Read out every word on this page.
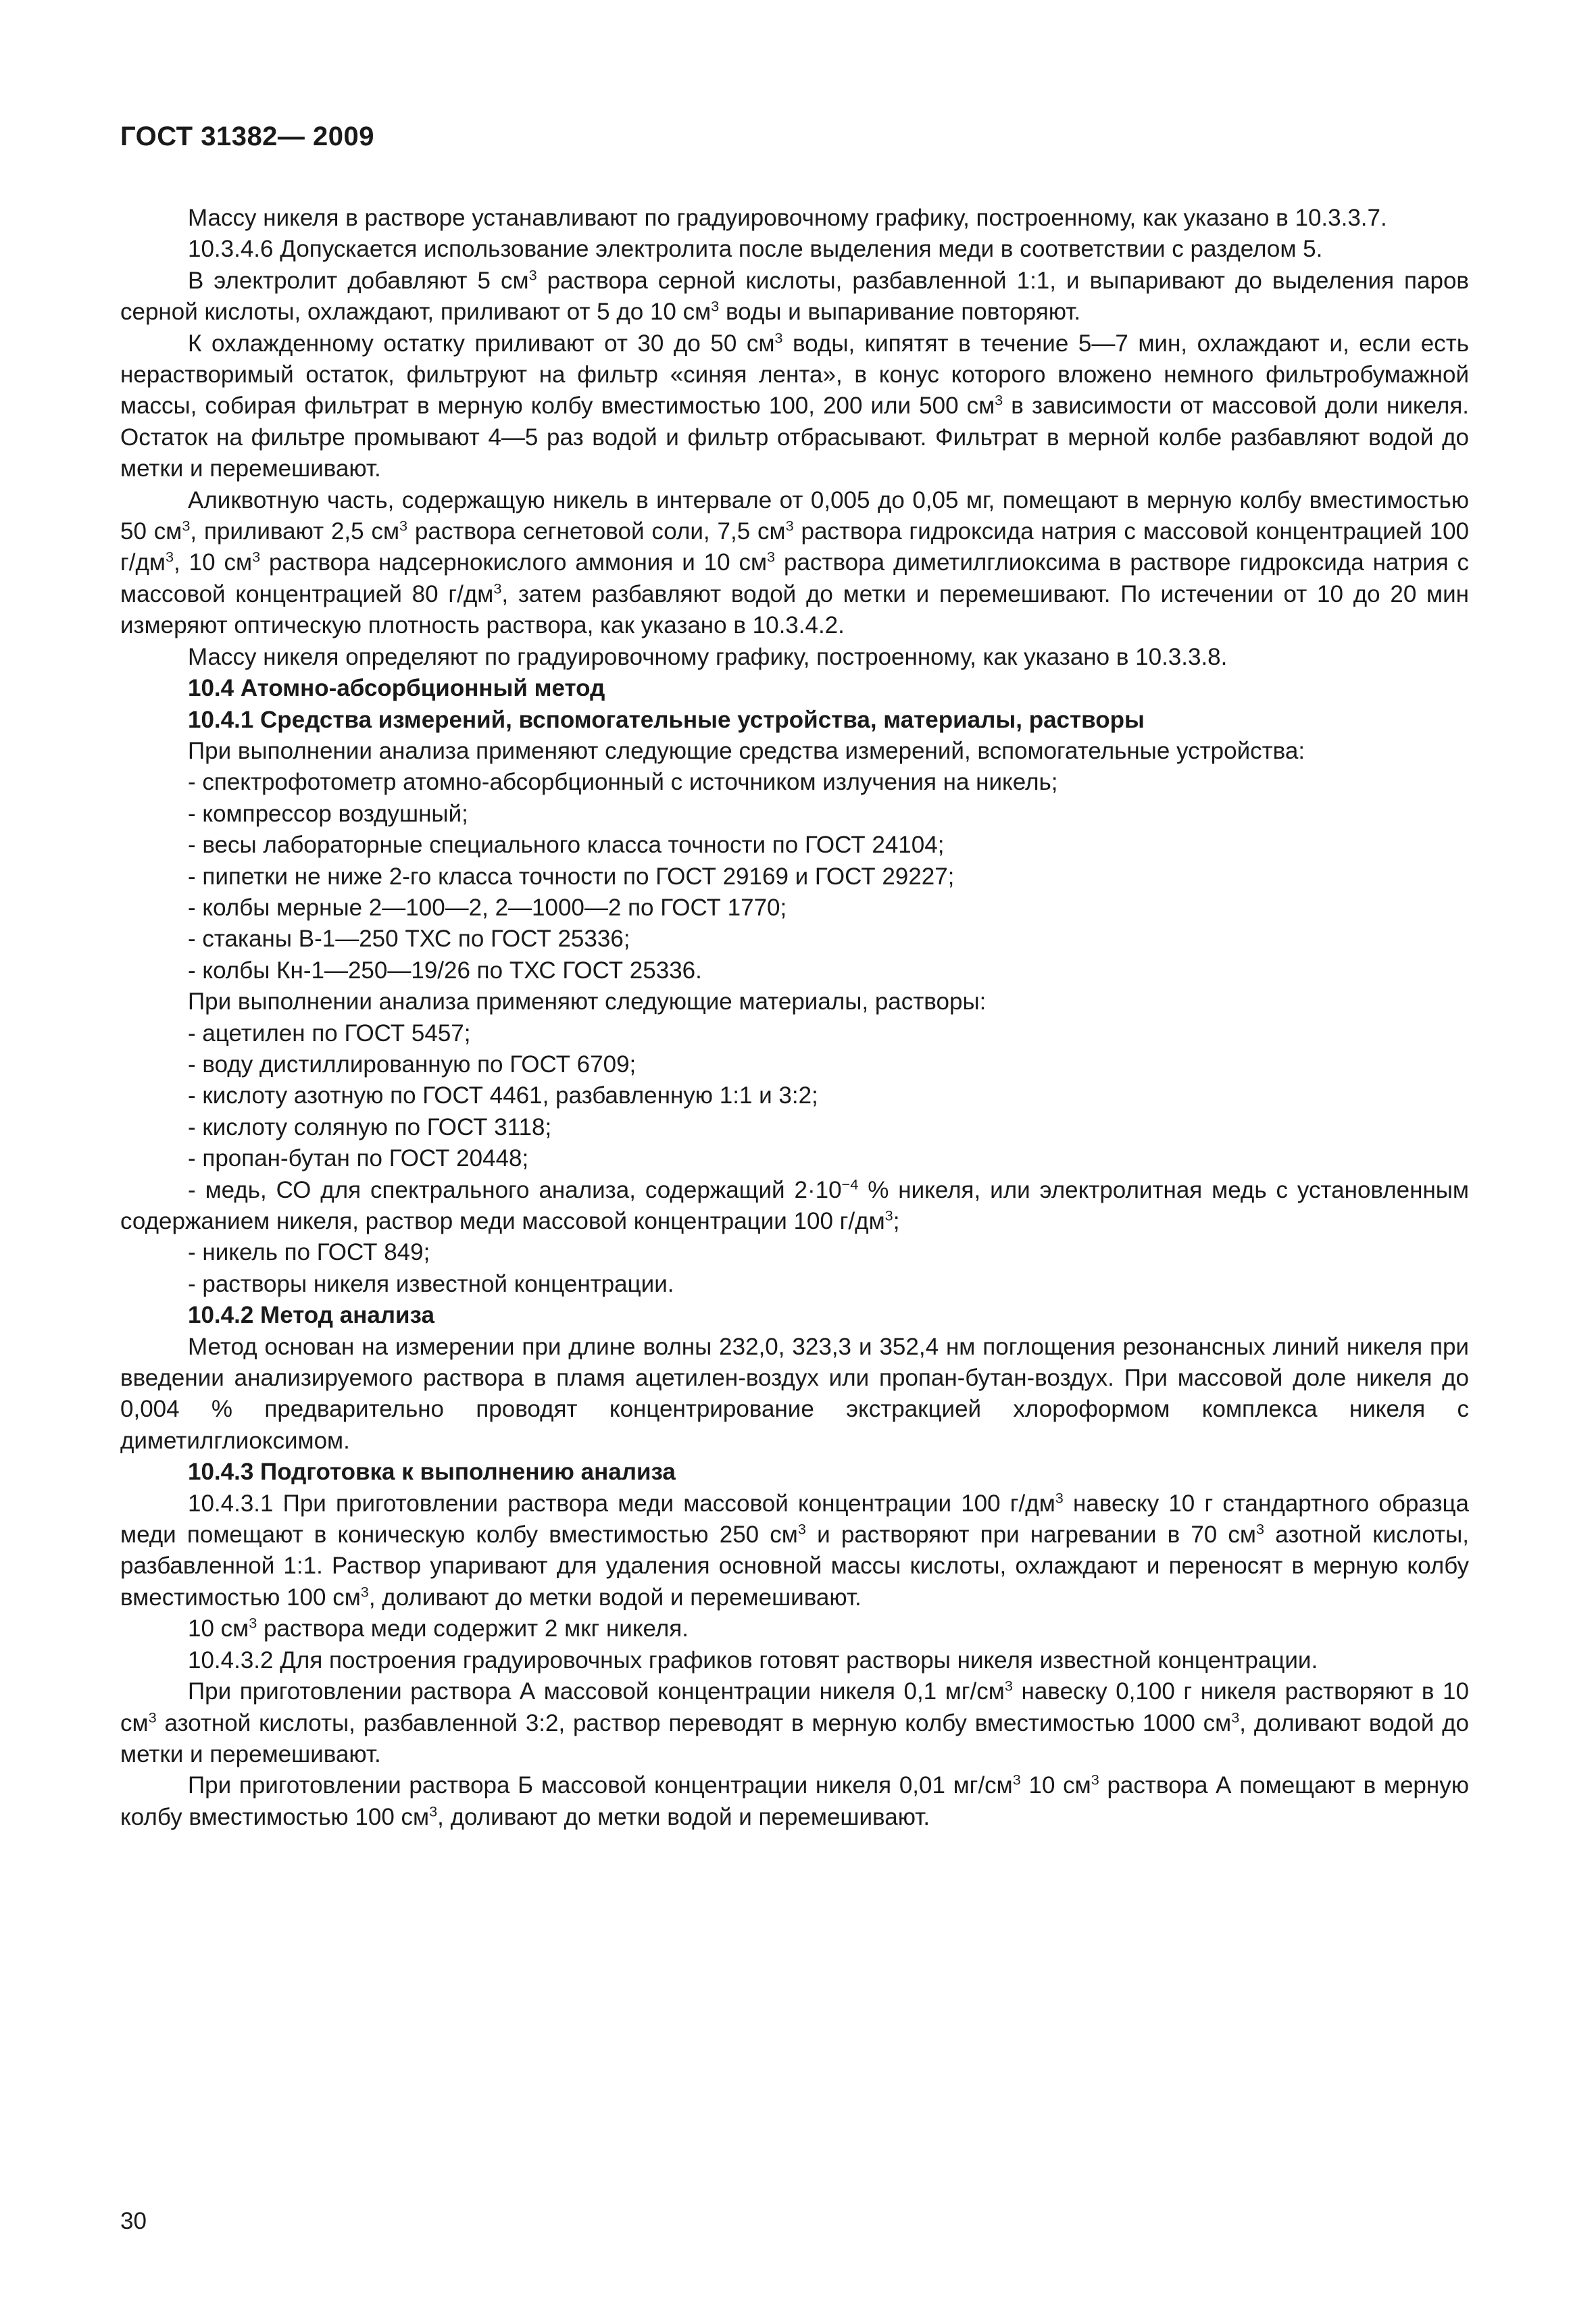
ГОСТ 31382— 2009

Массу никеля в растворе устанавливают по градуировочному графику, построенному, как указано в 10.3.3.7.

10.3.4.6 Допускается использование электролита после выделения меди в соответствии с разделом 5.

В электролит добавляют 5 $см^3$ раствора серной кислоты, разбавленной 1:1, и выпаривают до выделения паров серной кислоты, охлаждают, приливают от 5 до 10 $см^3$ воды и выпаривание повторяют.

К охлажденному остатку приливают от 30 до 50 $см^3$ воды, кипятят в течение 5—7 мин, охлаждают и, если есть нерастворимый остаток, фильтруют на фильтр «синяя лента», в конус которого вложено немного фильтробумажной массы, собирая фильтрат в мерную колбу вместимостью 100, 200 или 500 $см^3$ в зависимости от массовой доли никеля. Остаток на фильтре промывают 4—5 раз водой и фильтр отбрасывают. Фильтрат в мерной колбе разбавляют водой до метки и перемешивают.

Аликвотную часть, содержащую никель в интервале от 0,005 до 0,05 мг, помещают в мерную колбу вместимостью 50 $см^3$, приливают 2,5 $см^3$ раствора сегнетовой соли, 7,5 $см^3$ раствора гидроксида натрия с массовой концентрацией 100 $г/дм^3$, 10 $см^3$ раствора надсернокислого аммония и 10 $см^3$ раствора диметилглиоксима в растворе гидроксида натрия с массовой концентрацией 80 $г/дм^3$, затем разбавляют водой до метки и перемешивают. По истечении от 10 до 20 мин измеряют оптическую плотность раствора, как указано в 10.3.4.2.

Массу никеля определяют по градуировочному графику, построенному, как указано в 10.3.3.8.

10.4 Атомно-абсорбционный метод

10.4.1 Средства измерений, вспомогательные устройства, материалы, растворы

При выполнении анализа применяют следующие средства измерений, вспомогательные устройства:

- спектрофотометр атомно-абсорбционный с источником излучения на никель;

- компрессор воздушный;

- весы лабораторные специального класса точности по ГОСТ 24104;

- пипетки не ниже 2-го класса точности по ГОСТ 29169 и ГОСТ 29227;

- колбы мерные 2—100—2, 2—1000—2 по ГОСТ 1770;

- стаканы В-1—250 ТХС по ГОСТ 25336;

- колбы Кн-1—250—19/26 по ТХС ГОСТ 25336.

При выполнении анализа применяют следующие материалы, растворы:

- ацетилен по ГОСТ 5457;

- воду дистиллированную по ГОСТ 6709;

- кислоту азотную по ГОСТ 4461, разбавленную 1:1 и 3:2;

- кислоту соляную по ГОСТ 3118;

- пропан-бутан по ГОСТ 20448;

- медь, СО для спектрального анализа, содержащий $2\cdot 10^{-4}$ % никеля, или электролитная медь с установленным содержанием никеля, раствор меди массовой концентрации 100 $г/дм^3$;

- никель по ГОСТ 849;

- растворы никеля известной концентрации.

10.4.2 Метод анализа

Метод основан на измерении при длине волны 232,0, 323,3 и 352,4 нм поглощения резонансных линий никеля при введении анализируемого раствора в пламя ацетилен-воздух или пропан-бутан-воздух. При массовой доле никеля до 0,004 % предварительно проводят концентрирование экстракцией хлороформом комплекса никеля с диметилглиоксимом.

10.4.3 Подготовка к выполнению анализа

10.4.3.1 При приготовлении раствора меди массовой концентрации 100 $г/дм^3$ навеску 10 г стандартного образца меди помещают в коническую колбу вместимостью 250 $см^3$ и растворяют при нагревании в 70 $см^3$ азотной кислоты, разбавленной 1:1. Раствор упаривают для удаления основной массы кислоты, охлаждают и переносят в мерную колбу вместимостью 100 $см^3$, доливают до метки водой и перемешивают.

10 $см^3$ раствора меди содержит 2 мкг никеля.

10.4.3.2 Для построения градуировочных графиков готовят растворы никеля известной концентрации.

При приготовлении раствора А массовой концентрации никеля 0,1 $мг/см^3$ навеску 0,100 г никеля растворяют в 10 $см^3$ азотной кислоты, разбавленной 3:2, раствор переводят в мерную колбу вместимостью 1000 $см^3$, доливают водой до метки и перемешивают.

При приготовлении раствора Б массовой концентрации никеля 0,01 $мг/см^3$ 10 $см^3$ раствора А помещают в мерную колбу вместимостью 100 $см^3$, доливают до метки водой и перемешивают.

30
